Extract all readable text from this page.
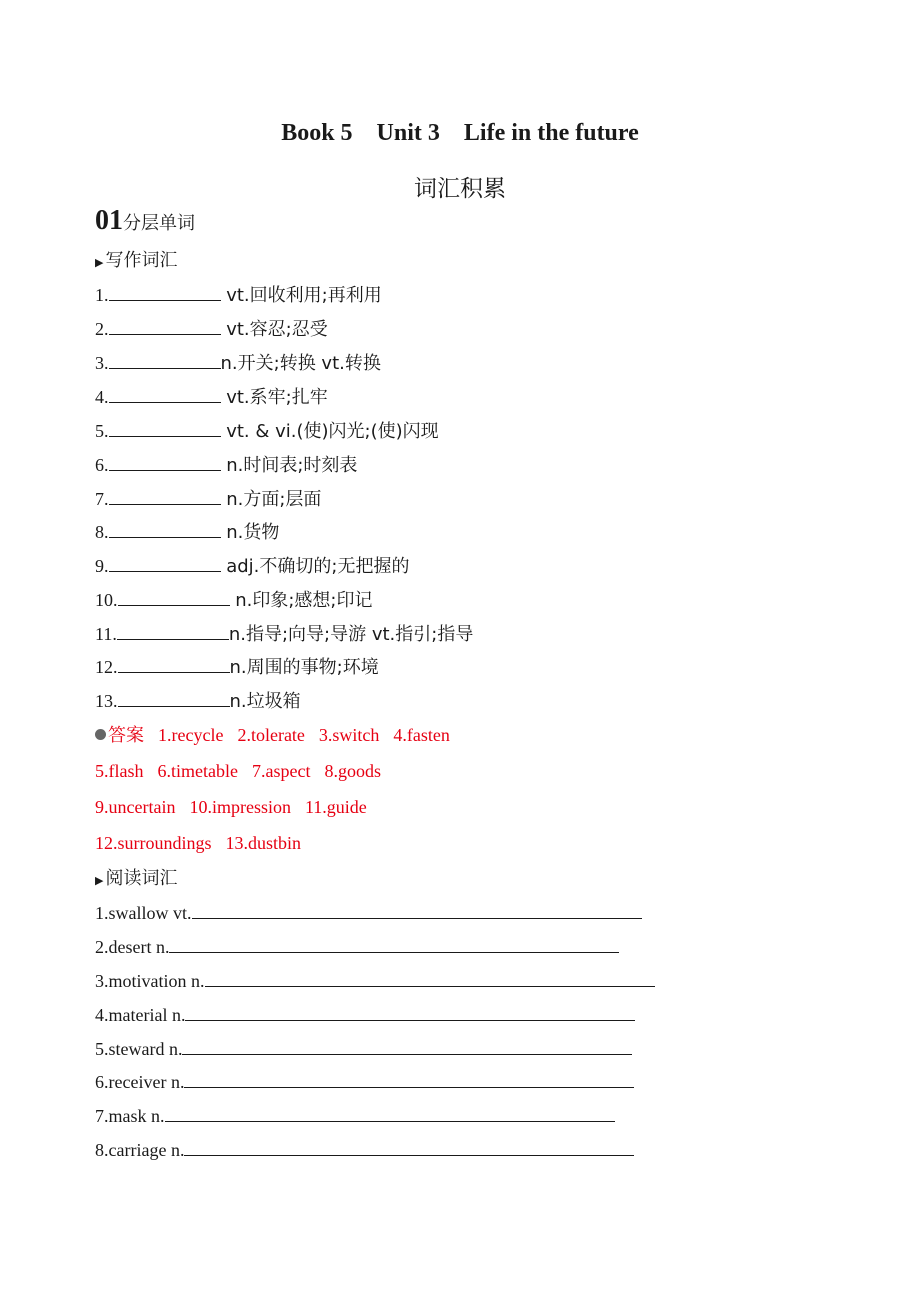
Book 5    Unit 3    Life in the future
词汇积累
01分层单词
▶ 写作词汇
1.	vt.回收利用;再利用
2.	vt.容忍;忍受
3.	n.开关;转换 vt.转换
4.	vt.系牢;扎牢
5.	vt. & vi.(使)闪光;(使)闪现
6.	n.时间表;时刻表
7.	n.方面;层面
8.	n.货物
9.	adj.不确切的;无把握的
10.	n.印象;感想;印记
11.	n.指导;向导;导游 vt.指引;指导
12.	n.周围的事物;环境
13.	n.垃圾箱
答案 1.recycle 2.tolerate 3.switch 4.fasten
5.flash 6.timetable 7.aspect 8.goods
9.uncertain 10.impression 11.guide
12.surroundings 13.dustbin
▶ 阅读词汇
1.swallow vt.
2.desert n.
3.motivation n.
4.material n.
5.steward n.
6.receiver n.
7.mask n.
8.carriage n.
